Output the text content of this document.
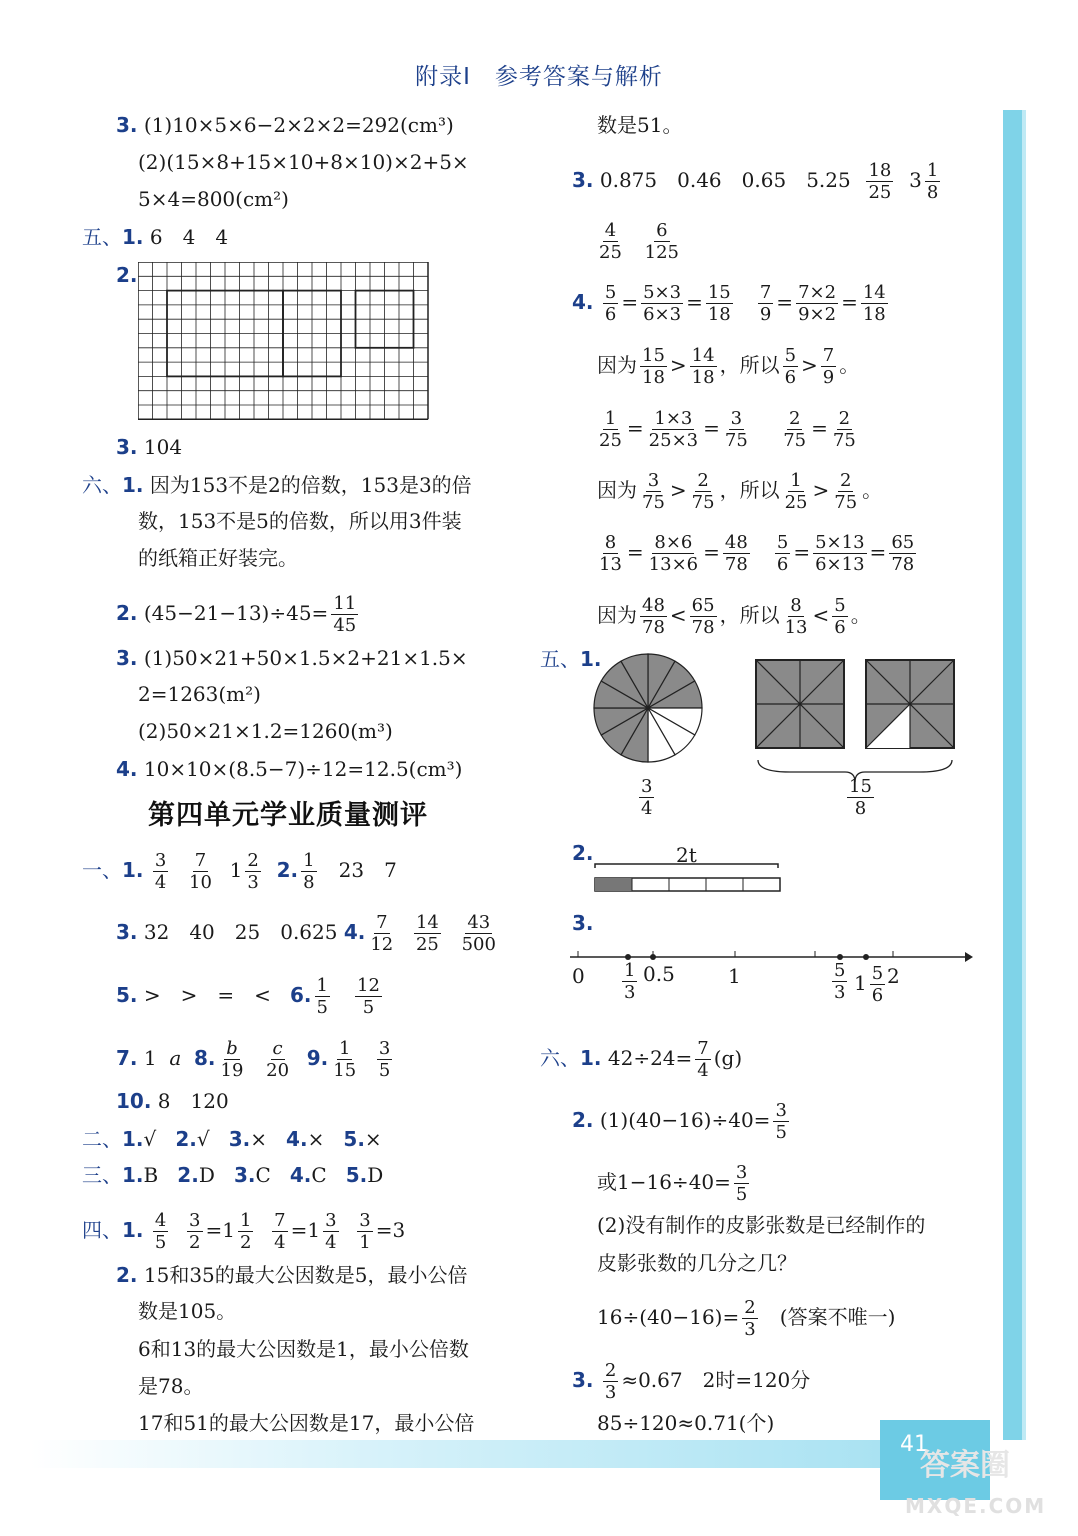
附录Ⅰ　参考答案与解析
41
答案圈
MXQE.COM
3. (1)10×5×6−2×2×2=292(cm³)
(2)(15×8+15×10+8×10)×2+5×
5×4=800(cm²)
五、1. 6　4　4
2.
3. 104
六、1. 因为153不是2的倍数，153是3的倍
数，153不是5的倍数，所以用3件装
的纸箱正好装完。
2. $(45-21-13)\div 45= \frac{11}{45}$
3. (1)50×21+50×1.5×2+21×1.5×
2=1263(m²)
(2)50×21×1.2=1260(m³)
4. 10×10×(8.5−7)÷12=12.5(cm³)
第四单元学业质量测评
一、1. $\frac{3}{4}$
$\frac{7}{10} 1 \frac{2}{3} 2$. $\frac{1}{8} 23$　7
3. 32　40　25　0.625 4. $\frac{7}{12}$
$\frac{14}{25}$
$\frac{43}{500}$
5. >　>　=　< 6. $\frac{1}{5}$
$\frac{12}{5}$
7. 1 a 8. $\frac{b}{19}$
$\frac{c}{20} 9$. $\frac{1}{15}$
$\frac{3}{5}$
10. 8　120
二、1.√ 2.√ 3.× 4.× 5.×
三、1.B 2.D 3.C 4.C 5.D
四、1. $\frac{4}{5}$
$\frac{3}{2} =1 \frac{1}{2}$
$\frac{7}{4} =1 \frac{3}{4}$
$\frac{3}{1} =3$
2. 15和35的最大公因数是5，最小公倍
数是105。
6和13的最大公因数是1，最小公倍数
是78。
17和51的最大公因数是17，最小公倍
数是51。
3. 0.875　0.46　0.65　$5.25 \frac{18}{25} 3 \frac{1}{8}$
$\frac{4}{25}$
$\frac{6}{125}$
4. $\frac{5}{6} = \frac{5\times 3}{6\times 3} = \frac{15}{18}$
$\frac{7}{9} = \frac{7\times 2}{9\times 2} = \frac{14}{18}$
因为 $\frac{15}{18} > \frac{14}{18}$ ，所以 $\frac{5}{6} > \frac{7}{9}$ 。
$\frac{1}{25} = \frac{1\times 3}{25\times 3} = \frac{3}{75}$
$\frac{2}{75} = \frac{2}{75}$
因为 $\frac{3}{75} > \frac{2}{75}$ ，所以 $\frac{1}{25} > \frac{2}{75}$ 。
$\frac{8}{13} = \frac{8\times 6}{13\times 6} = \frac{48}{78}$
$\frac{5}{6} = \frac{5\times 13}{6\times 13} = \frac{65}{78}$
因为 $\frac{48}{78} < \frac{65}{78}$ ，所以 $\frac{8}{13} < \frac{5}{6}$ 。
五、1.
$\frac{3}{4}$	$\frac{15}{8}$
2.	2t
3.
$0 \frac{1}{3} 0.5$	1	$\frac{5}{3} 1 \frac{5}{6} 2$
六、1. $42\div 24= \frac{7}{4} (g)$
2. $(1)(40-16)\div 40= \frac{3}{5}$
或$1-16\div 40= \frac{3}{5}$
(2)没有制作的皮影张数是已经制作的
皮影张数的几分之几？
$16\div(40-16)= \frac{2}{3}$ (答案不唯一)
3. $\frac{2}{3} \approx 0.67$　2时=120分
85÷120≈0.71(个)
